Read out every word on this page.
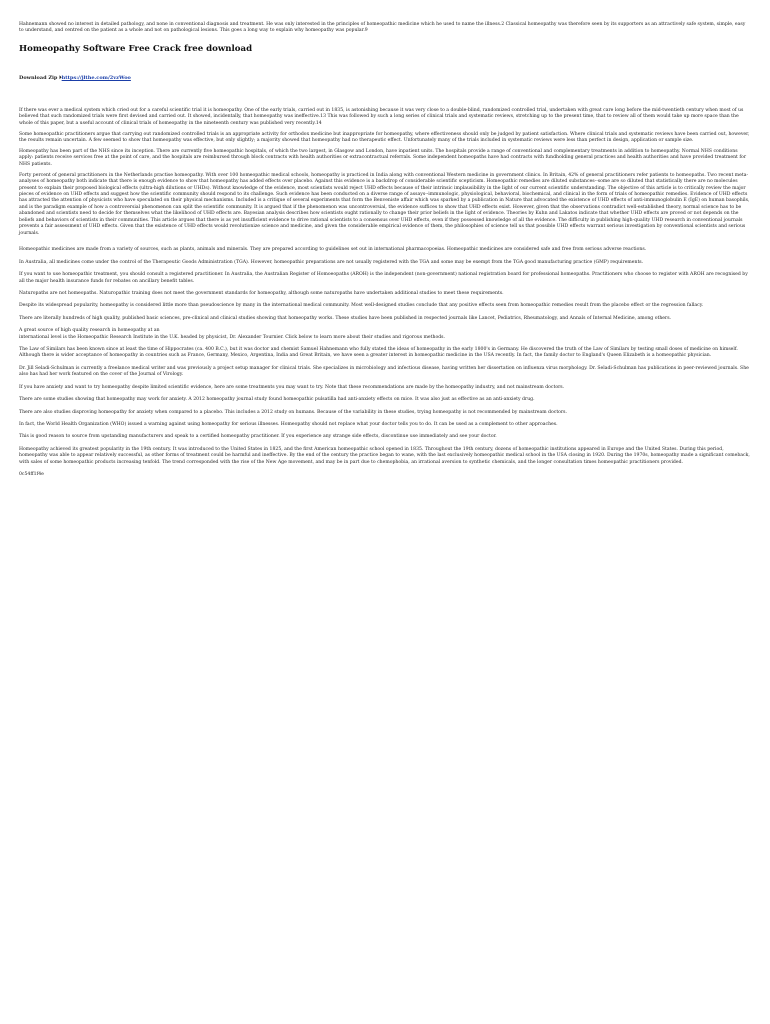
Hahnemann showed no interest in detailed pathology, and none in conventional diagnosis and treatment. He was only interested in the principles of homeopathic medicine which he used to name the illness.2 Classical homeopathy was therefore seen by its supporters as an attractively safe system, simple, easy to understand, and centred on the patient as a whole and not on pathological lesions. This goes a long way to explain why homeopathy was popular.9

Homeopathy Software Free Crack free download
Download Zip ⏵https://jlthe.com/2vzWoo

If there was ever a medical system which cried out for a careful scientific trial it is homeopathy. One of the early trials, carried out in 1835, is astonishing because it was very close to a double-blind, randomized controlled trial, undertaken with great care long before the mid-twentieth century when most of us believed that such randomized trials were first devised and carried out. It showed, incidentally, that homeopathy was ineffective.13 This was followed by such a long series of clinical trials and systematic reviews, stretching up to the present time, that to review all of them would take up more space than the whole of this paper, but a useful account of clinical trials of homeopathy in the nineteenth century was published very recently.14

Some homeopathic practitioners argue that carrying out randomized controlled trials is an appropriate activity for orthodox medicine but inappropriate for homeopathy, where effectiveness should only be judged by patient satisfaction. Where clinical trials and systematic reviews have been carried out, however, the results remain uncertain. A few seemed to show that homeopathy was effective, but only slightly; a majority showed that homeopathy had no therapeutic effect. Unfortunately many of the trials included in systematic reviews were less than perfect in design, application or sample size.

Homeopathy has been part of the NHS since its inception. There are currently five homeopathic hospitals, of which the two largest, in Glasgow and London, have inpatient units. The hospitals provide a range of conventional and complementary treatments in addition to homeopathy. Normal NHS conditions apply: patients receive services free at the point of care, and the hospitals are reimbursed through block contracts with health authorities or extracontractual referrals. Some independent homeopaths have had contracts with fundholding general practices and health authorities and have provided treatment for NHS patients.

Forty percent of general practitioners in the Netherlands practise homeopathy. With over 100 homeopathic medical schools, homeopathy is practiced in India along with conventional Western medicine in government clinics. In Britain, 42% of general practitioners refer patients to homeopaths. Two recent meta-analyses of homeopathy both indicate that there is enough evidence to show that homeopathy has added effects over placebo. Against this evidence is a backdrop of considerable scientific scepticism. Homeopathic remedies are diluted substances--some are so diluted that statistically there are no molecules present to explain their proposed biological effects (ultra-high dilutions or UHDs). Without knowledge of the evidence, most scientists would reject UHD effects because of their intrinsic implausibility in the light of our current scientific understanding. The objective of this article is to critically review the major pieces of evidence on UHD effects and suggest how the scientific community should respond to its challenge. Such evidence has been conducted on a diverse range of assays--immunologic, physiological, behavioral, biochemical, and clinical in the form of trials of homeopathic remedies. Evidence of UHD effects has attracted the attention of physicists who have speculated on their physical mechanisms. Included is a critique of several experiments that form the Benveniste affair which was sparked by a publication in Nature that advocated the existence of UHD effects of anti-immunoglobulin E (IgE) on human basophils, and is the paradigm example of how a controversial phenomenon can split the scientific community. It is argued that if the phenomenon was uncontroversial, the evidence suffices to show that UHD effects exist. However, given that the observations contradict well-established theory, normal science has to be abandoned and scientists need to decide for themselves what the likelihood of UHD effects are. Bayesian analysis describes how scientists ought rationally to change their prior beliefs in the light of evidence. Theories by Kuhn and Lakatos indicate that whether UHD effects are proved or not depends on the beliefs and behaviors of scientists in their communities. This article argues that there is as yet insufficient evidence to drive rational scientists to a consensus over UHD effects, even if they possessed knowledge of all the evidence. The difficulty in publishing high-quality UHD research in conventional journals prevents a fair assessment of UHD effects. Given that the existence of UHD effects would revolutionize science and medicine, and given the considerable empirical evidence of them, the philosophies of science tell us that possible UHD effects warrant serious investigation by conventional scientists and serious journals.

Homeopathic medicines are made from a variety of sources, such as plants, animals and minerals. They are prepared according to guidelines set out in international pharmacopoeias. Homeopathic medicines are considered safe and free from serious adverse reactions.

In Australia, all medicines come under the control of the Therapeutic Goods Administration (TGA). However, homeopathic preparations are not usually registered with the TGA and some may be exempt from the TGA good manufacturing practice (GMP) requirements.

If you want to use homeopathic treatment, you should consult a registered practitioner. In Australia, the Australian Register of Homoeopaths (AROH) is the independent (non-government) national registration board for professional homeopaths. Practitioners who choose to register with AROH are recognised by all the major health insurance funds for rebates on ancillary benefit tables.

Naturopaths are not homeopaths. Naturopathic training does not meet the government standards for homeopathy, although some naturopaths have undertaken additional studies to meet these requirements.

Despite its widespread popularity, homeopathy is considered little more than pseudoscience by many in the international medical community. Most well-designed studies conclude that any positive effects seen from homeopathic remedies result from the placebo effect or the regression fallacy.

There are literally hundreds of high quality, published basic sciences, pre-clinical and clinical studies showing that homeopathy works. These studies have been published in respected journals like Lancet, Pediatrics, Rheumatology, and Annals of Internal Medicine, among others.

A great source of high quality research in homeopathy at an
international level is the Homeopathic Research Institute in the U.K. headed by physicist, Dr. Alexander Tournier. Click below to learn more about their studies and rigorous methods.

The Law of Similars has been known since at least the time of Hippocrates (ca. 400 B.C.), but it was doctor and chemist Samuel Hahnemann who fully stated the ideas of homeopathy in the early 1800's in Germany. He discovered the truth of the Law of Similars by testing small doses of medicine on himself. Although there is wider acceptance of homeopathy in countries such as France, Germany, Mexico, Argentina, India and Great Britain, we have seen a greater interest in homeopathic medicine in the USA recently. In fact, the family doctor to England's Queen Elizabeth is a homeopathic physician.

Dr. Jill Seladi-Schulman is currently a freelance medical writer and was previously a project setup manager for clinical trials. She specializes in microbiology and infectious disease, having written her dissertation on influenza virus morphology. Dr. Seladi-Schulman has publications in peer-reviewed journals. She also has had her work featured on the cover of the Journal of Virology.

If you have anxiety and want to try homeopathy despite limited scientific evidence, here are some treatments you may want to try. Note that these recommendations are made by the homeopathy industry, and not mainstream doctors.

There are some studies showing that homeopathy may work for anxiety. A 2012 homeopathy journal study found homeopathic pulsatilla had anti-anxiety effects on mice. It was also just as effective as an anti-anxiety drug.

There are also studies disproving homeopathy for anxiety when compared to a placebo. This includes a 2012 study on humans. Because of the variability in these studies, trying homeopathy is not recommended by mainstream doctors.

In fact, the World Health Organization (WHO) issued a warning against using homeopathy for serious illnesses. Homeopathy should not replace what your doctor tells you to do. It can be used as a complement to other approaches.

This is good reason to source from upstanding manufacturers and speak to a certified homeopathy practitioner. If you experience any strange side effects, discontinue use immediately and see your doctor.

Homeopathy achieved its greatest popularity in the 19th century. It was introduced to the United States in 1825, and the first American homeopathic school opened in 1835. Throughout the 19th century, dozens of homeopathic institutions appeared in Europe and the United States. During this period, homeopathy was able to appear relatively successful, as other forms of treatment could be harmful and ineffective. By the end of the century the practice began to wane, with the last exclusively homeopathic medical school in the USA closing in 1920. During the 1970s, homeopathy made a significant comeback, with sales of some homeopathic products increasing tenfold. The trend corresponded with the rise of the New Age movement, and may be in part due to chemophobia, an irrational aversion to synthetic chemicals, and the longer consultation times homeopathic practitioners provided.

0c54ff1f4e
